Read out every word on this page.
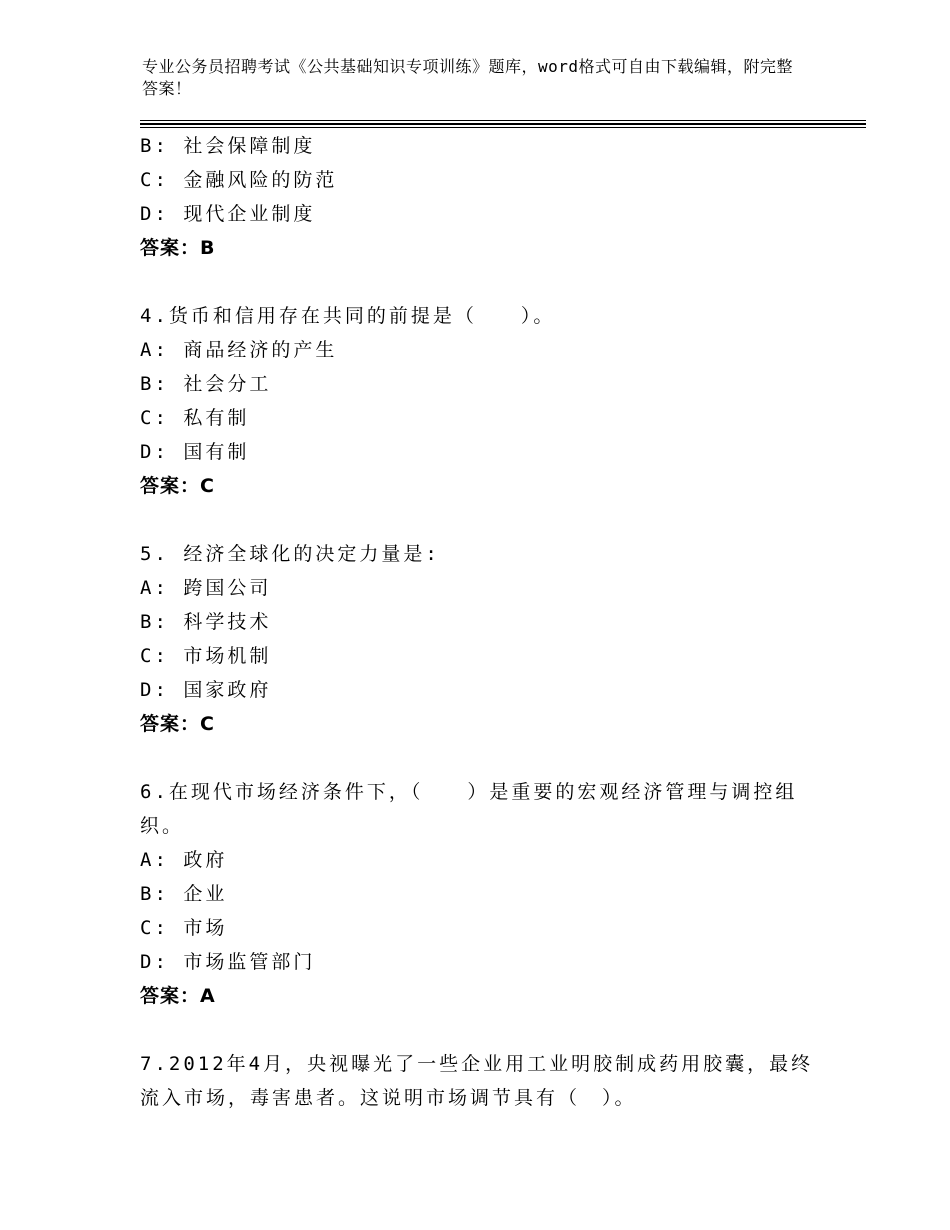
专业公务员招聘考试《公共基础知识专项训练》题库，word格式可自由下载编辑，附完整答案！
B: 社会保障制度
C: 金融风险的防范
D: 现代企业制度
答案：B
4.货币和信用存在共同的前提是（　　）。
A: 商品经济的产生
B: 社会分工
C: 私有制
D: 国有制
答案：C
5. 经济全球化的决定力量是:
A: 跨国公司
B: 科学技术
C: 市场机制
D: 国家政府
答案：C
6.在现代市场经济条件下，（　　）是重要的宏观经济管理与调控组织。
A: 政府
B: 企业
C: 市场
D: 市场监管部门
答案：A
7.2012年4月，央视曝光了一些企业用工业明胶制成药用胶囊，最终流入市场，毒害患者。这说明市场调节具有（　）。
